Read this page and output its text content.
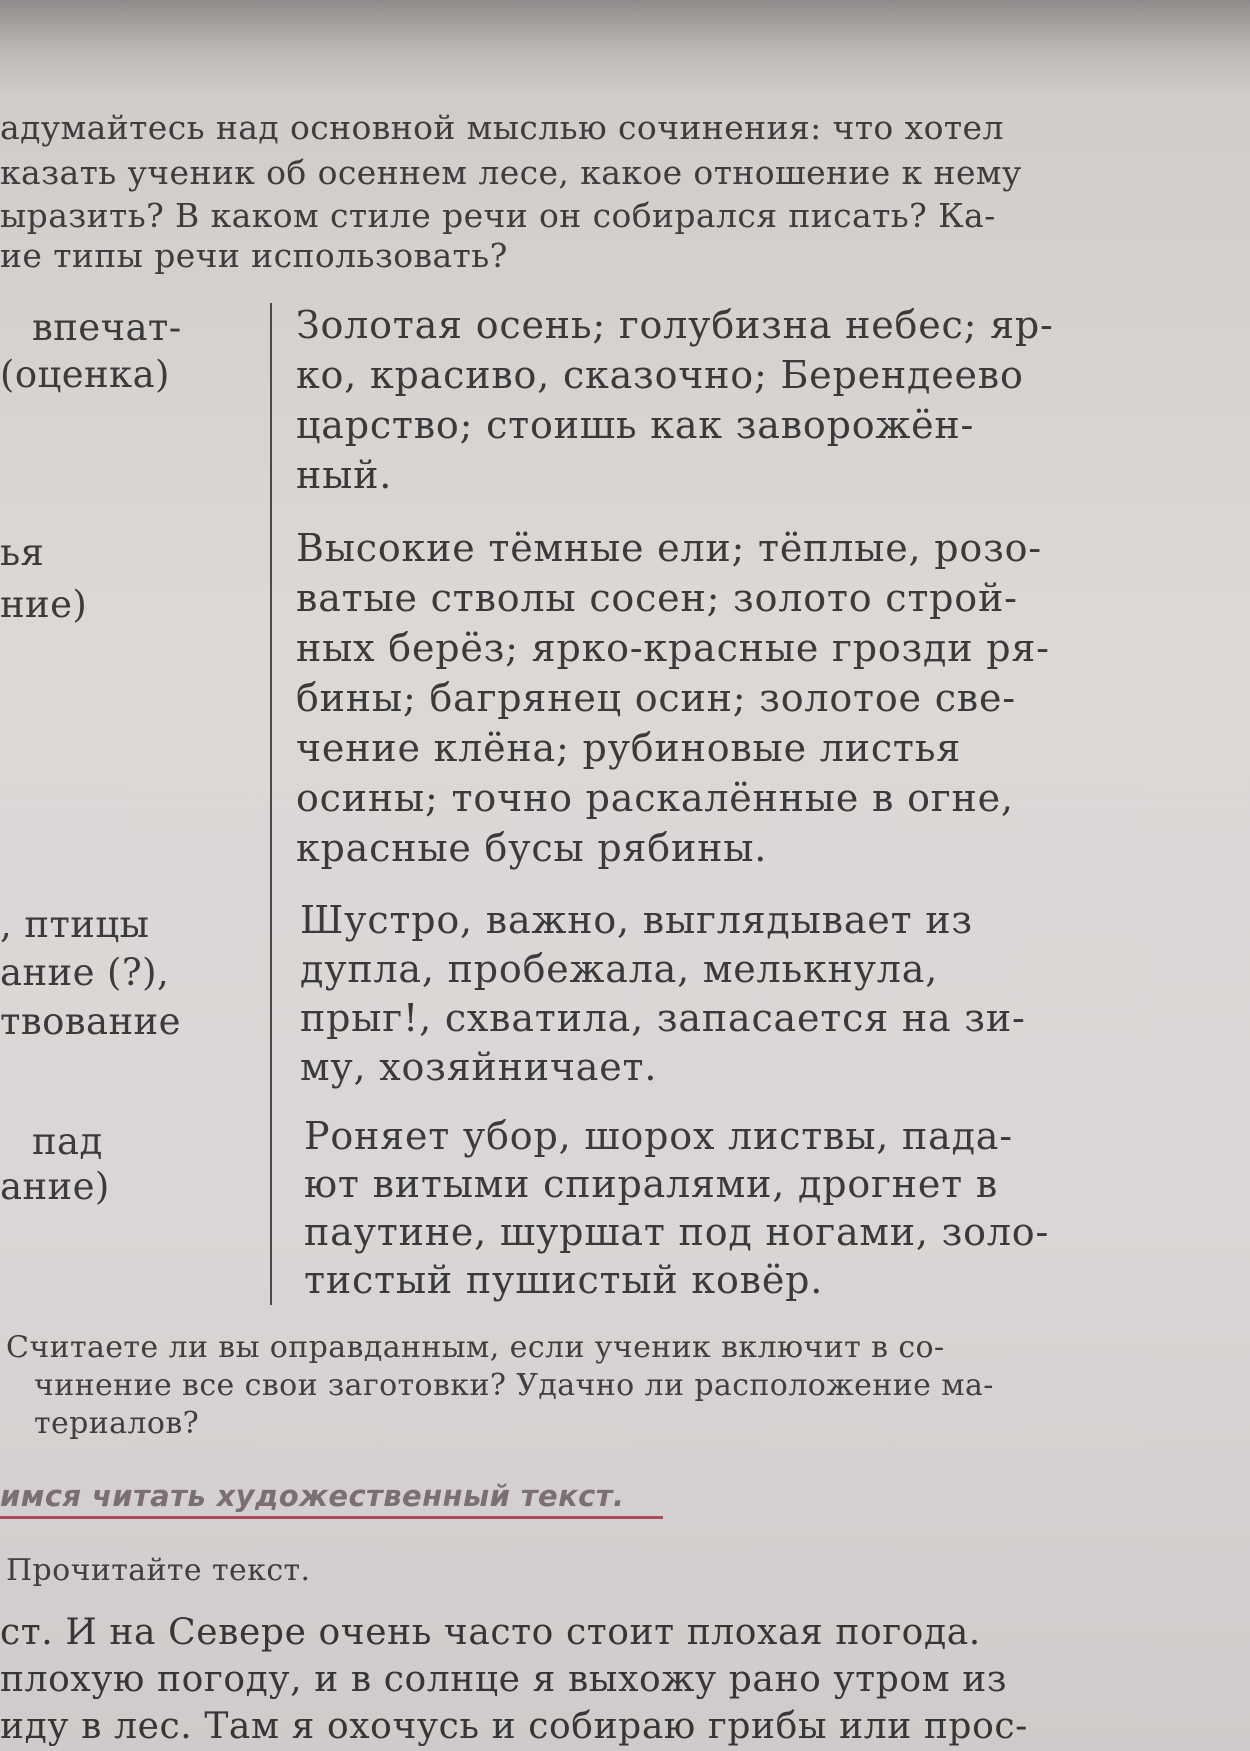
адумайтесь над основной мыслью сочинения: что хотел

казать ученик об осеннем лесе, какое отношение к нему

ыразить? В каком стиле речи он собирался писать? Ка-

ие типы речи использовать?

впечат-

(оценка)

ья

ние)

, птицы

ание (?),

твование

пад

ание)

Золотая осень; голубизна небес; яр-

ко, красиво, сказочно; Берендеево

царство; стоишь как заворожён-

ный.

Высокие тёмные ели; тёплые, розо-

ватые стволы сосен; золото строй-

ных берёз; ярко-красные грозди ря-

бины; багрянец осин; золотое све-

чение клёна; рубиновые листья

осины; точно раскалённые в огне,

красные бусы рябины.

Шустро, важно, выглядывает из

дупла, пробежала, мелькнула,

прыг!, схватила, запасается на зи-

му, хозяйничает.

Роняет убор, шорох листвы, пада-

ют витыми спиралями, дрогнет в

паутине, шуршат под ногами, золо-

тистый пушистый ковёр.

Считаете ли вы оправданным, если ученик включит в со-

чинение все свои заготовки? Удачно ли расположение ма-

териалов?

имся читать художественный текст.

Прочитайте текст.

ст. И на Севере очень часто стоит плохая погода.

плохую погоду, и в солнце я выхожу рано утром из

иду в лес. Там я охочусь и собираю грибы или прос-
